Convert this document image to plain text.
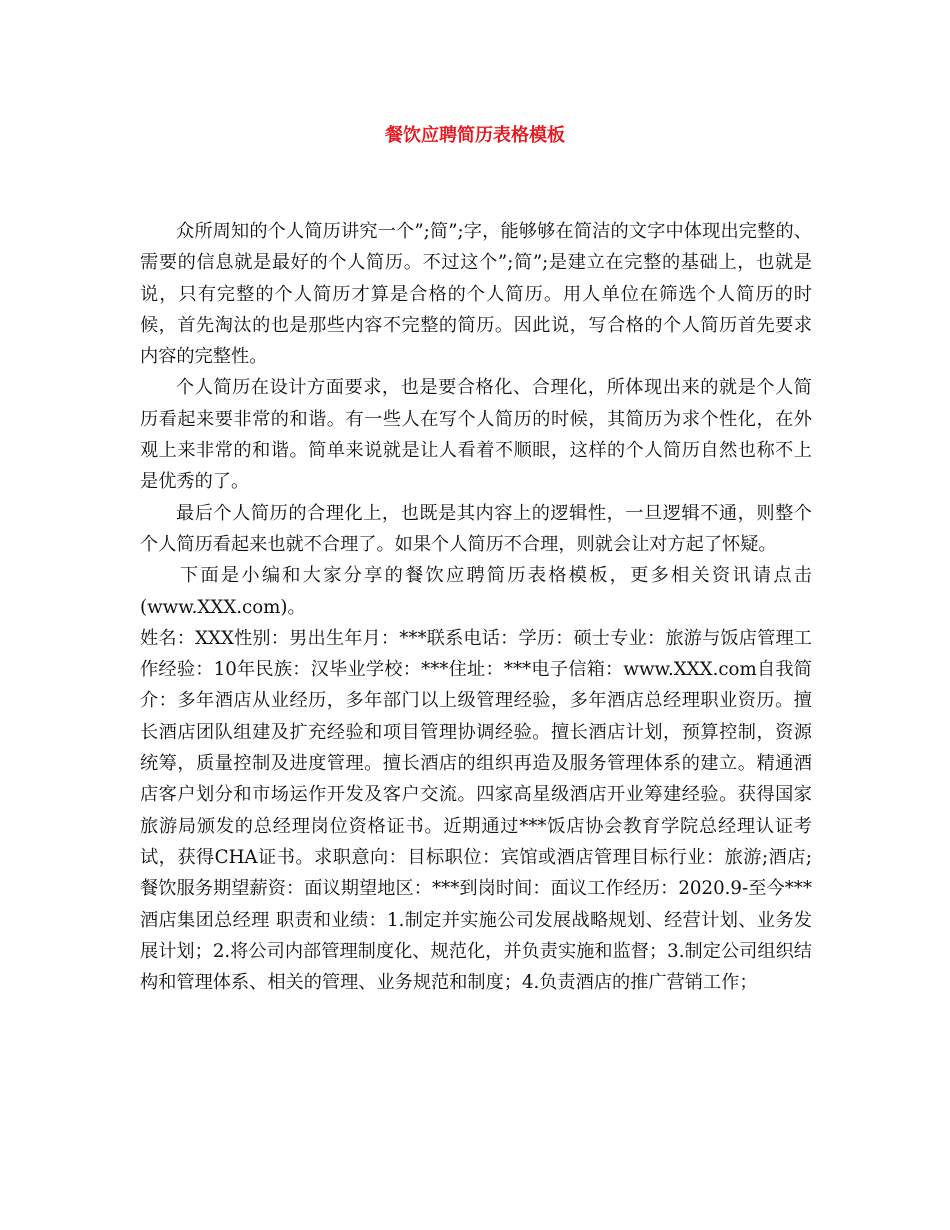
餐饮应聘简历表格模板

众所周知的个人简历讲究一个”;简”;字，能够够在简洁的文字中体现出完整的、需要的信息就是最好的个人简历。不过这个”;简”;是建立在完整的基础上，也就是说，只有完整的个人简历才算是合格的个人简历。用人单位在筛选个人简历的时候，首先淘汰的也是那些内容不完整的简历。因此说，写合格的个人简历首先要求内容的完整性。

个人简历在设计方面要求，也是要合格化、合理化，所体现出来的就是个人简历看起来要非常的和谐。有一些人在写个人简历的时候，其简历为求个性化，在外观上来非常的和谐。简单来说就是让人看着不顺眼，这样的个人简历自然也称不上是优秀的了。

最后个人简历的合理化上，也既是其内容上的逻辑性，一旦逻辑不通，则整个个人简历看起来也就不合理了。如果个人简历不合理，则就会让对方起了怀疑。

下面是小编和大家分享的餐饮应聘简历表格模板，更多相关资讯请点击(www.XXX.com)。

姓名：XXX性别：男出生年月：***联系电话：学历：硕士专业：旅游与饭店管理工作经验：10年民族：汉毕业学校：***住址：***电子信箱：www.XXX.com自我简介：多年酒店从业经历，多年部门以上级管理经验，多年酒店总经理职业资历。擅长酒店团队组建及扩充经验和项目管理协调经验。擅长酒店计划，预算控制，资源统筹，质量控制及进度管理。擅长酒店的组织再造及服务管理体系的建立。精通酒店客户划分和市场运作开发及客户交流。四家高星级酒店开业筹建经验。获得国家旅游局颁发的总经理岗位资格证书。近期通过***饭店协会教育学院总经理认证考试，获得CHA证书。求职意向：目标职位：宾馆或酒店管理目标行业：旅游;酒店;餐饮服务期望薪资：面议期望地区：***到岗时间：面议工作经历：2020.9-至今***酒店集团总经理 职责和业绩：1.制定并实施公司发展战略规划、经营计划、业务发展计划；2.将公司内部管理制度化、规范化，并负责实施和监督；3.制定公司组织结构和管理体系、相关的管理、业务规范和制度；4.负责酒店的推广营销工作；
